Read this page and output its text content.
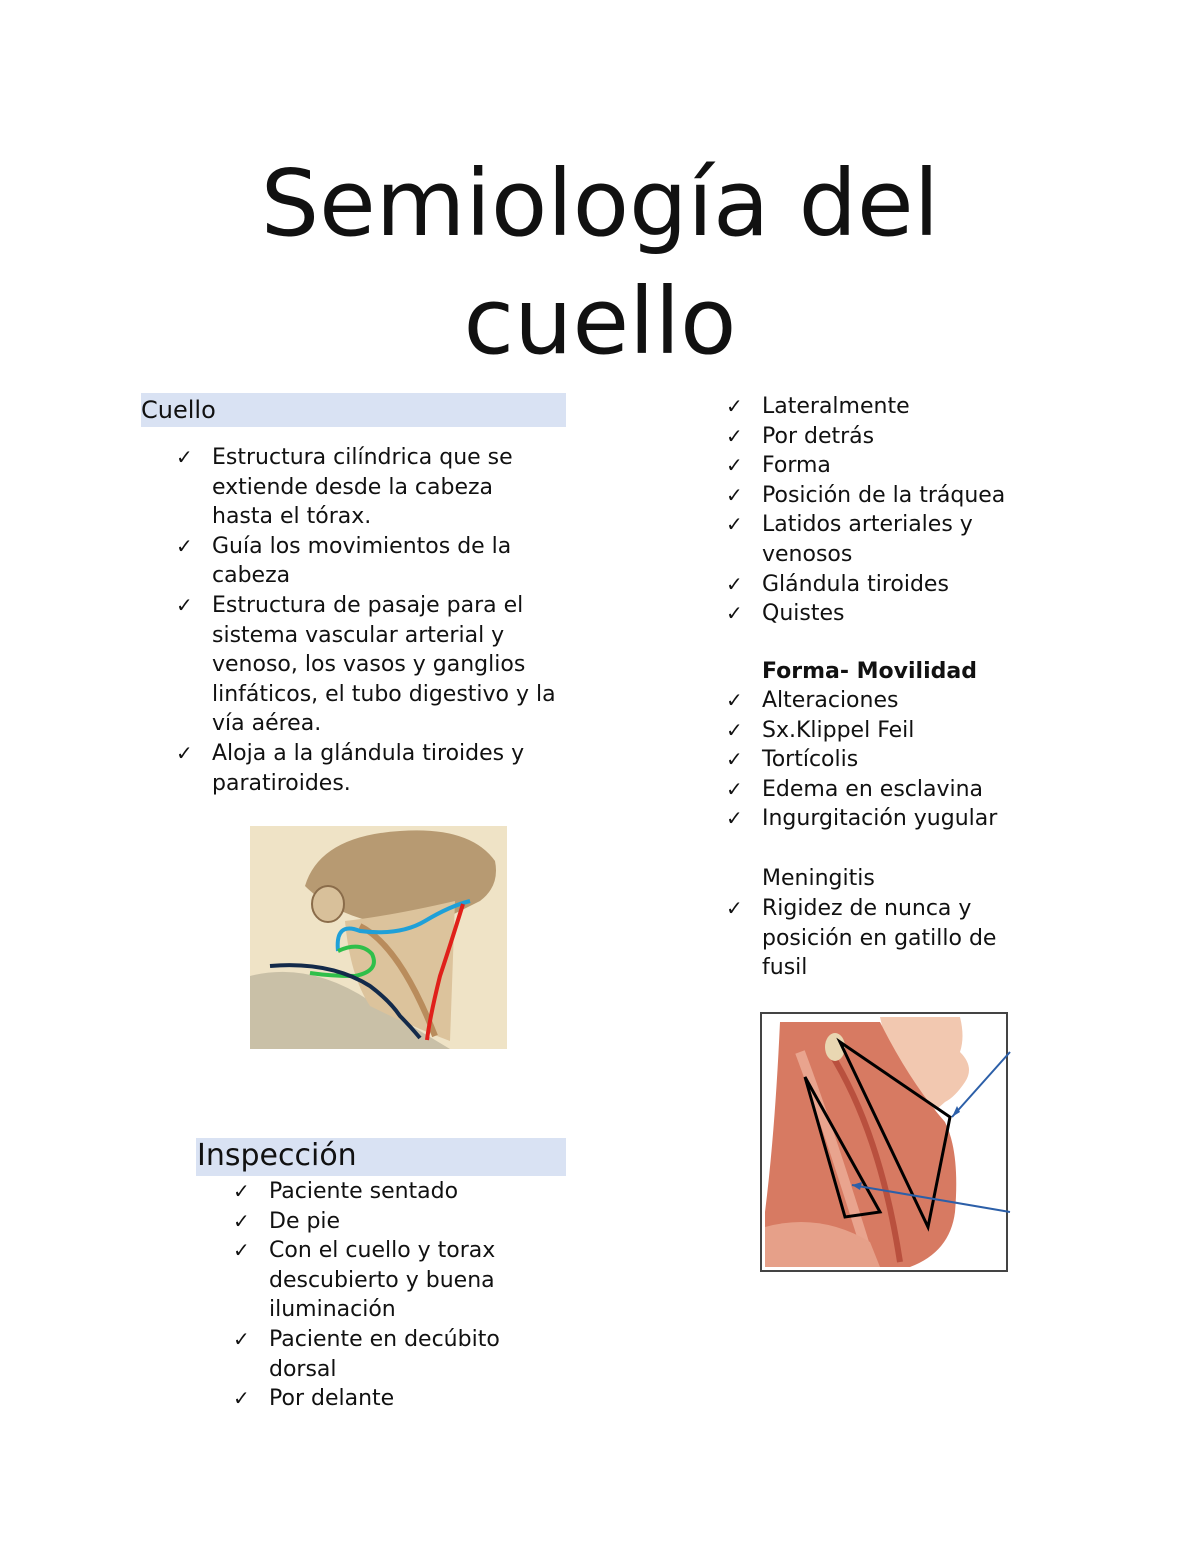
Semiología del
cuello
Cuello
✓ Estructura cilíndrica que se extiende desde la cabeza hasta el tórax.
✓ Guía los movimientos de la cabeza
✓ Estructura de pasaje para el sistema vascular arterial y venoso, los vasos y ganglios linfáticos, el tubo digestivo y la vía aérea.
✓ Aloja a la glándula tiroides y paratiroides.
Inspección
✓ Paciente sentado
✓ De pie
✓ Con el cuello y torax descubierto y buena iluminación
✓ Paciente en decúbito dorsal
✓ Por delante
✓ Lateralmente
✓ Por detrás
✓ Forma
✓ Posición de la tráquea
✓ Latidos arteriales y venosos
✓ Glándula tiroides
✓ Quistes
Forma- Movilidad
✓ Alteraciones
✓ Sx.Klippel Feil
✓ Tortícolis
✓ Edema en esclavina
✓ Ingurgitación yugular
Meningitis
✓ Rigidez de nunca y posición en gatillo de fusil
